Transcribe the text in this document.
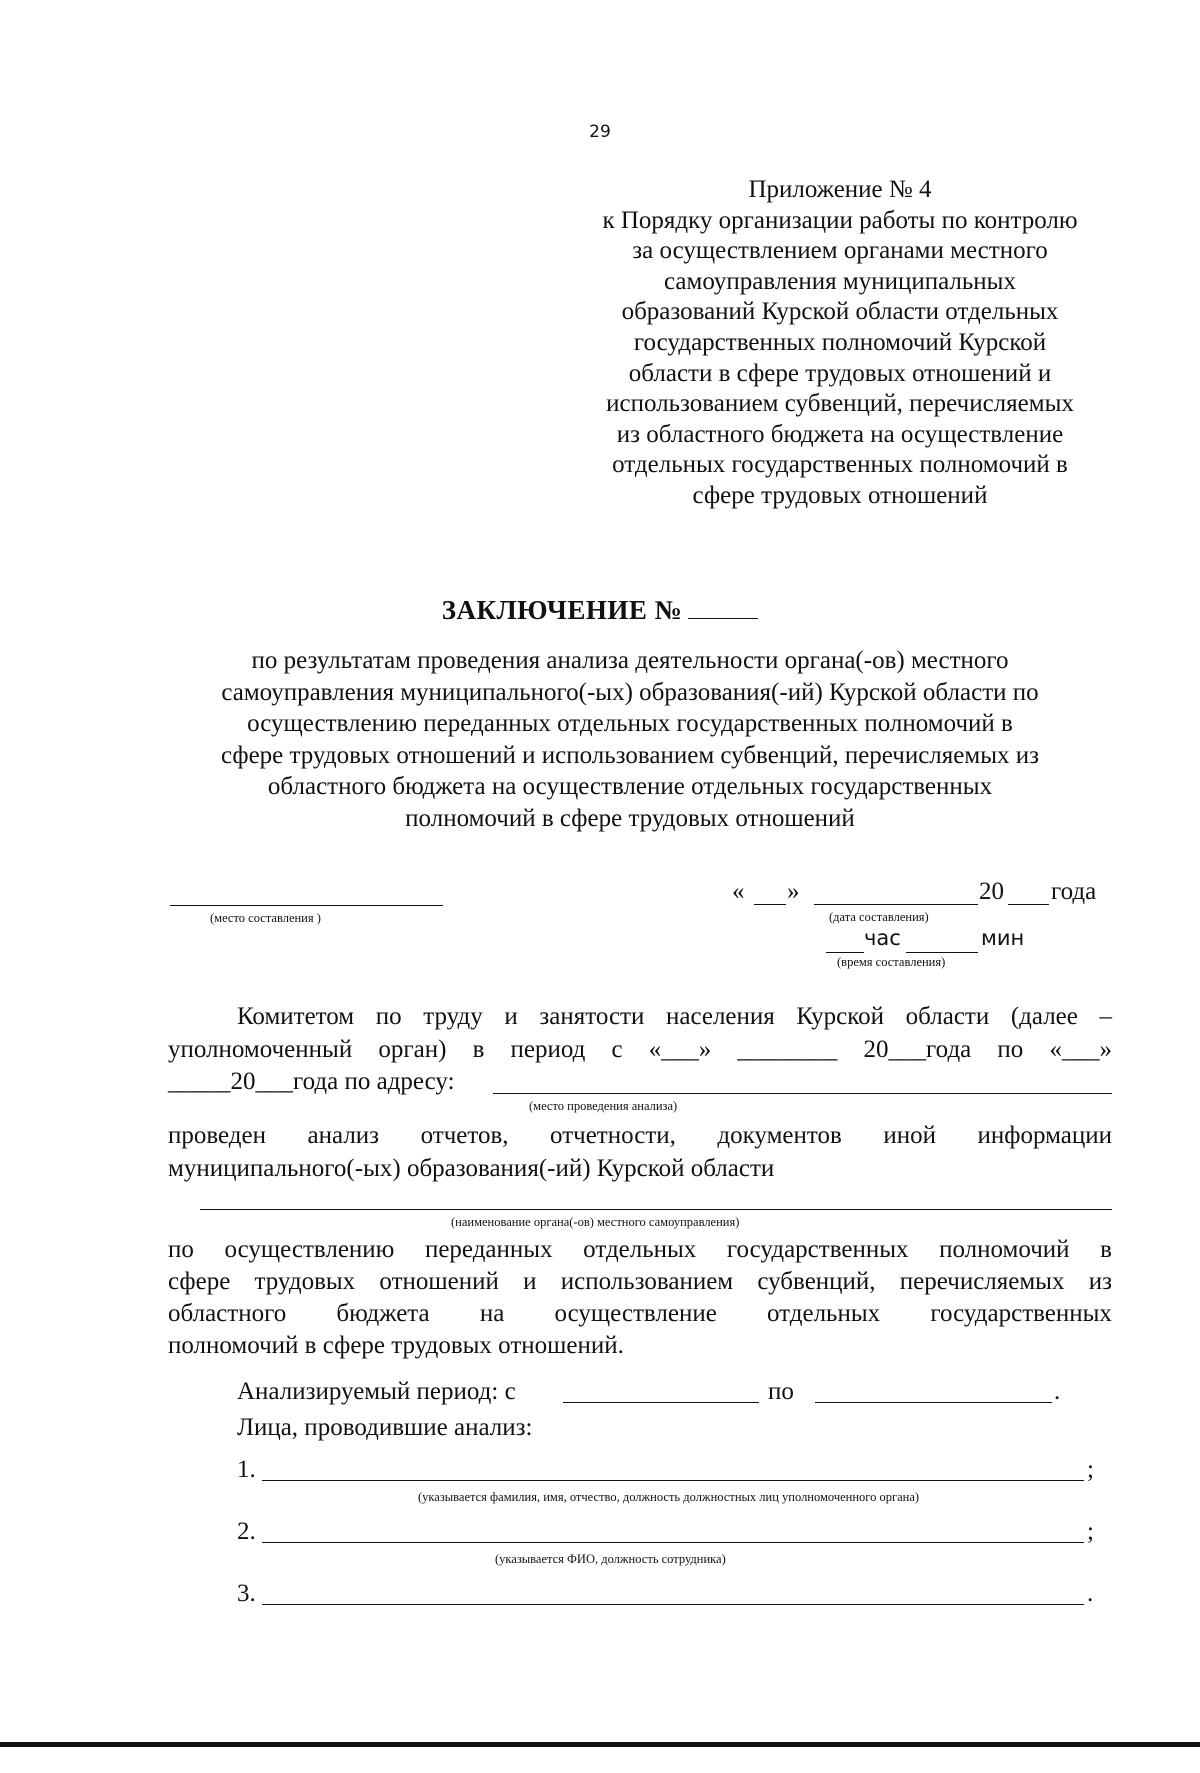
29
Приложение № 4
к Порядку организации работы по контролю
за осуществлением органами местного
самоуправления муниципальных
образований Курской области отдельных
государственных полномочий Курской
области в сфере трудовых отношений и
использованием субвенций, перечисляемых
из областного бюджета на осуществление
отдельных государственных полномочий в
сфере трудовых отношений
ЗАКЛЮЧЕНИЕ №
по результатам проведения анализа деятельности органа(-ов) местного
самоуправления муниципального(-ых) образования(-ий) Курской области по
осуществлению переданных отдельных государственных полномочий в
сфере трудовых отношений и использованием субвенций, перечисляемых из
областного бюджета на осуществление отдельных государственных
полномочий в сфере трудовых отношений
(место составления )
« »	20 года
(дата составления)
час	мин
(время составления)
Комитетом по труду и занятости населения Курской области (далее –
уполномоченный орган) в период с «___» ________ 20___года по «___»
_____20___года по адресу:
(место проведения анализа)
проведен анализ отчетов, отчетности, документов иной информации
муниципального(-ых) образования(-ий) Курской области
(наименование органа(-ов) местного самоуправления)
по осуществлению переданных отдельных государственных полномочий в
сфере трудовых отношений и использованием субвенций, перечисляемых из
областного бюджета на осуществление отдельных государственных
полномочий в сфере трудовых отношений.
Анализируемый период: с	по	.
Лица, проводившие анализ:
1.	;
(указывается фамилия, имя, отчество, должность должностных лиц уполномоченного органа)
2.	;
(указывается ФИО, должность сотрудника)
3.	.
